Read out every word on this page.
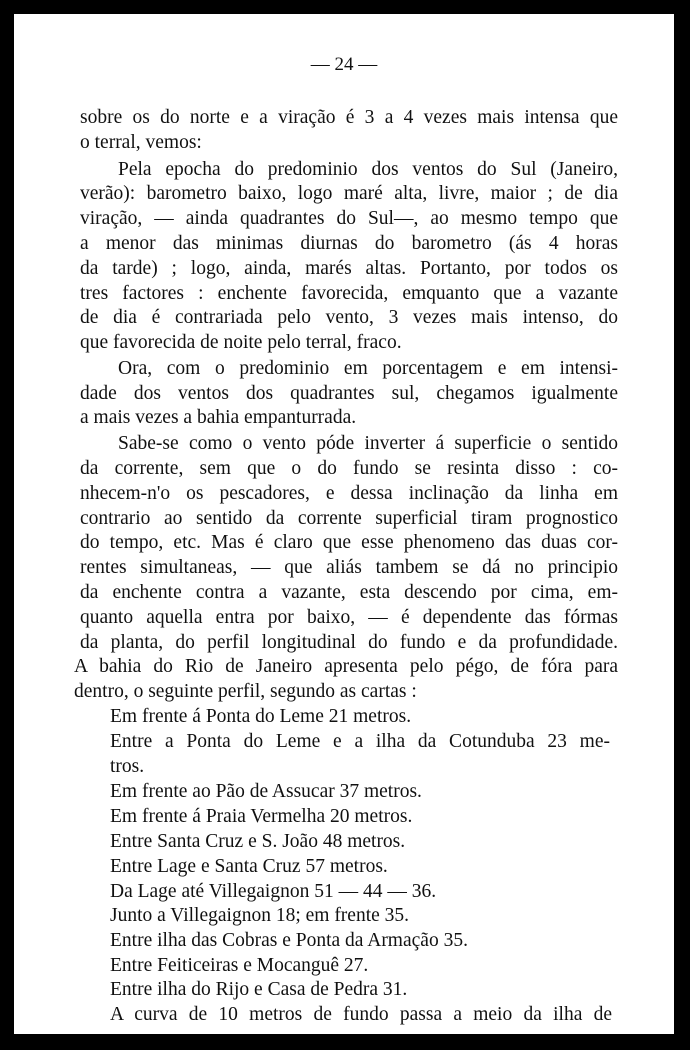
— 24 —
sobre os do norte e a viração é 3 a 4 vezes mais intensa que
o terral, vemos:
Pela epocha do predominio dos ventos do Sul (Janeiro,
verão): barometro baixo, logo maré alta, livre, maior ; de dia
viração, — ainda quadrantes do Sul—, ao mesmo tempo que
a menor das minimas diurnas do barometro (ás 4 horas
da tarde) ; logo, ainda, marés altas. Portanto, por todos os
tres factores : enchente favorecida, emquanto que a vazante
de dia é contrariada pelo vento, 3 vezes mais intenso, do
que favorecida de noite pelo terral, fraco.
Ora, com o predominio em porcentagem e em intensi-
dade dos ventos dos quadrantes sul, chegamos igualmente
a mais vezes a bahia empanturrada.
Sabe-se como o vento póde inverter á superficie o sentido
da corrente, sem que o do fundo se resinta disso : co-
nhecem-n'o os pescadores, e dessa inclinação da linha em
contrario ao sentido da corrente superficial tiram prognostico
do tempo, etc. Mas é claro que esse phenomeno das duas cor-
rentes simultaneas, — que aliás tambem se dá no principio
da enchente contra a vazante, esta descendo por cima, em-
quanto aquella entra por baixo, — é dependente das fórmas
da planta, do perfil longitudinal do fundo e da profundidade.
A bahia do Rio de Janeiro apresenta pelo pégo, de fóra para
dentro, o seguinte perfil, segundo as cartas :
Em frente á Ponta do Leme 21 metros.
Entre a Ponta do Leme e a ilha da Cotunduba 23 me-
tros.
Em frente ao Pão de Assucar 37 metros.
Em frente á Praia Vermelha 20 metros.
Entre Santa Cruz e S. João 48 metros.
Entre Lage e Santa Cruz 57 metros.
Da Lage até Villegaignon 51 — 44 — 36.
Junto a Villegaignon 18; em frente 35.
Entre ilha das Cobras e Ponta da Armação 35.
Entre Feiticeiras e Mocanguê 27.
Entre ilha do Rijo e Casa de Pedra 31.
A curva de 10 metros de fundo passa a meio da ilha de
